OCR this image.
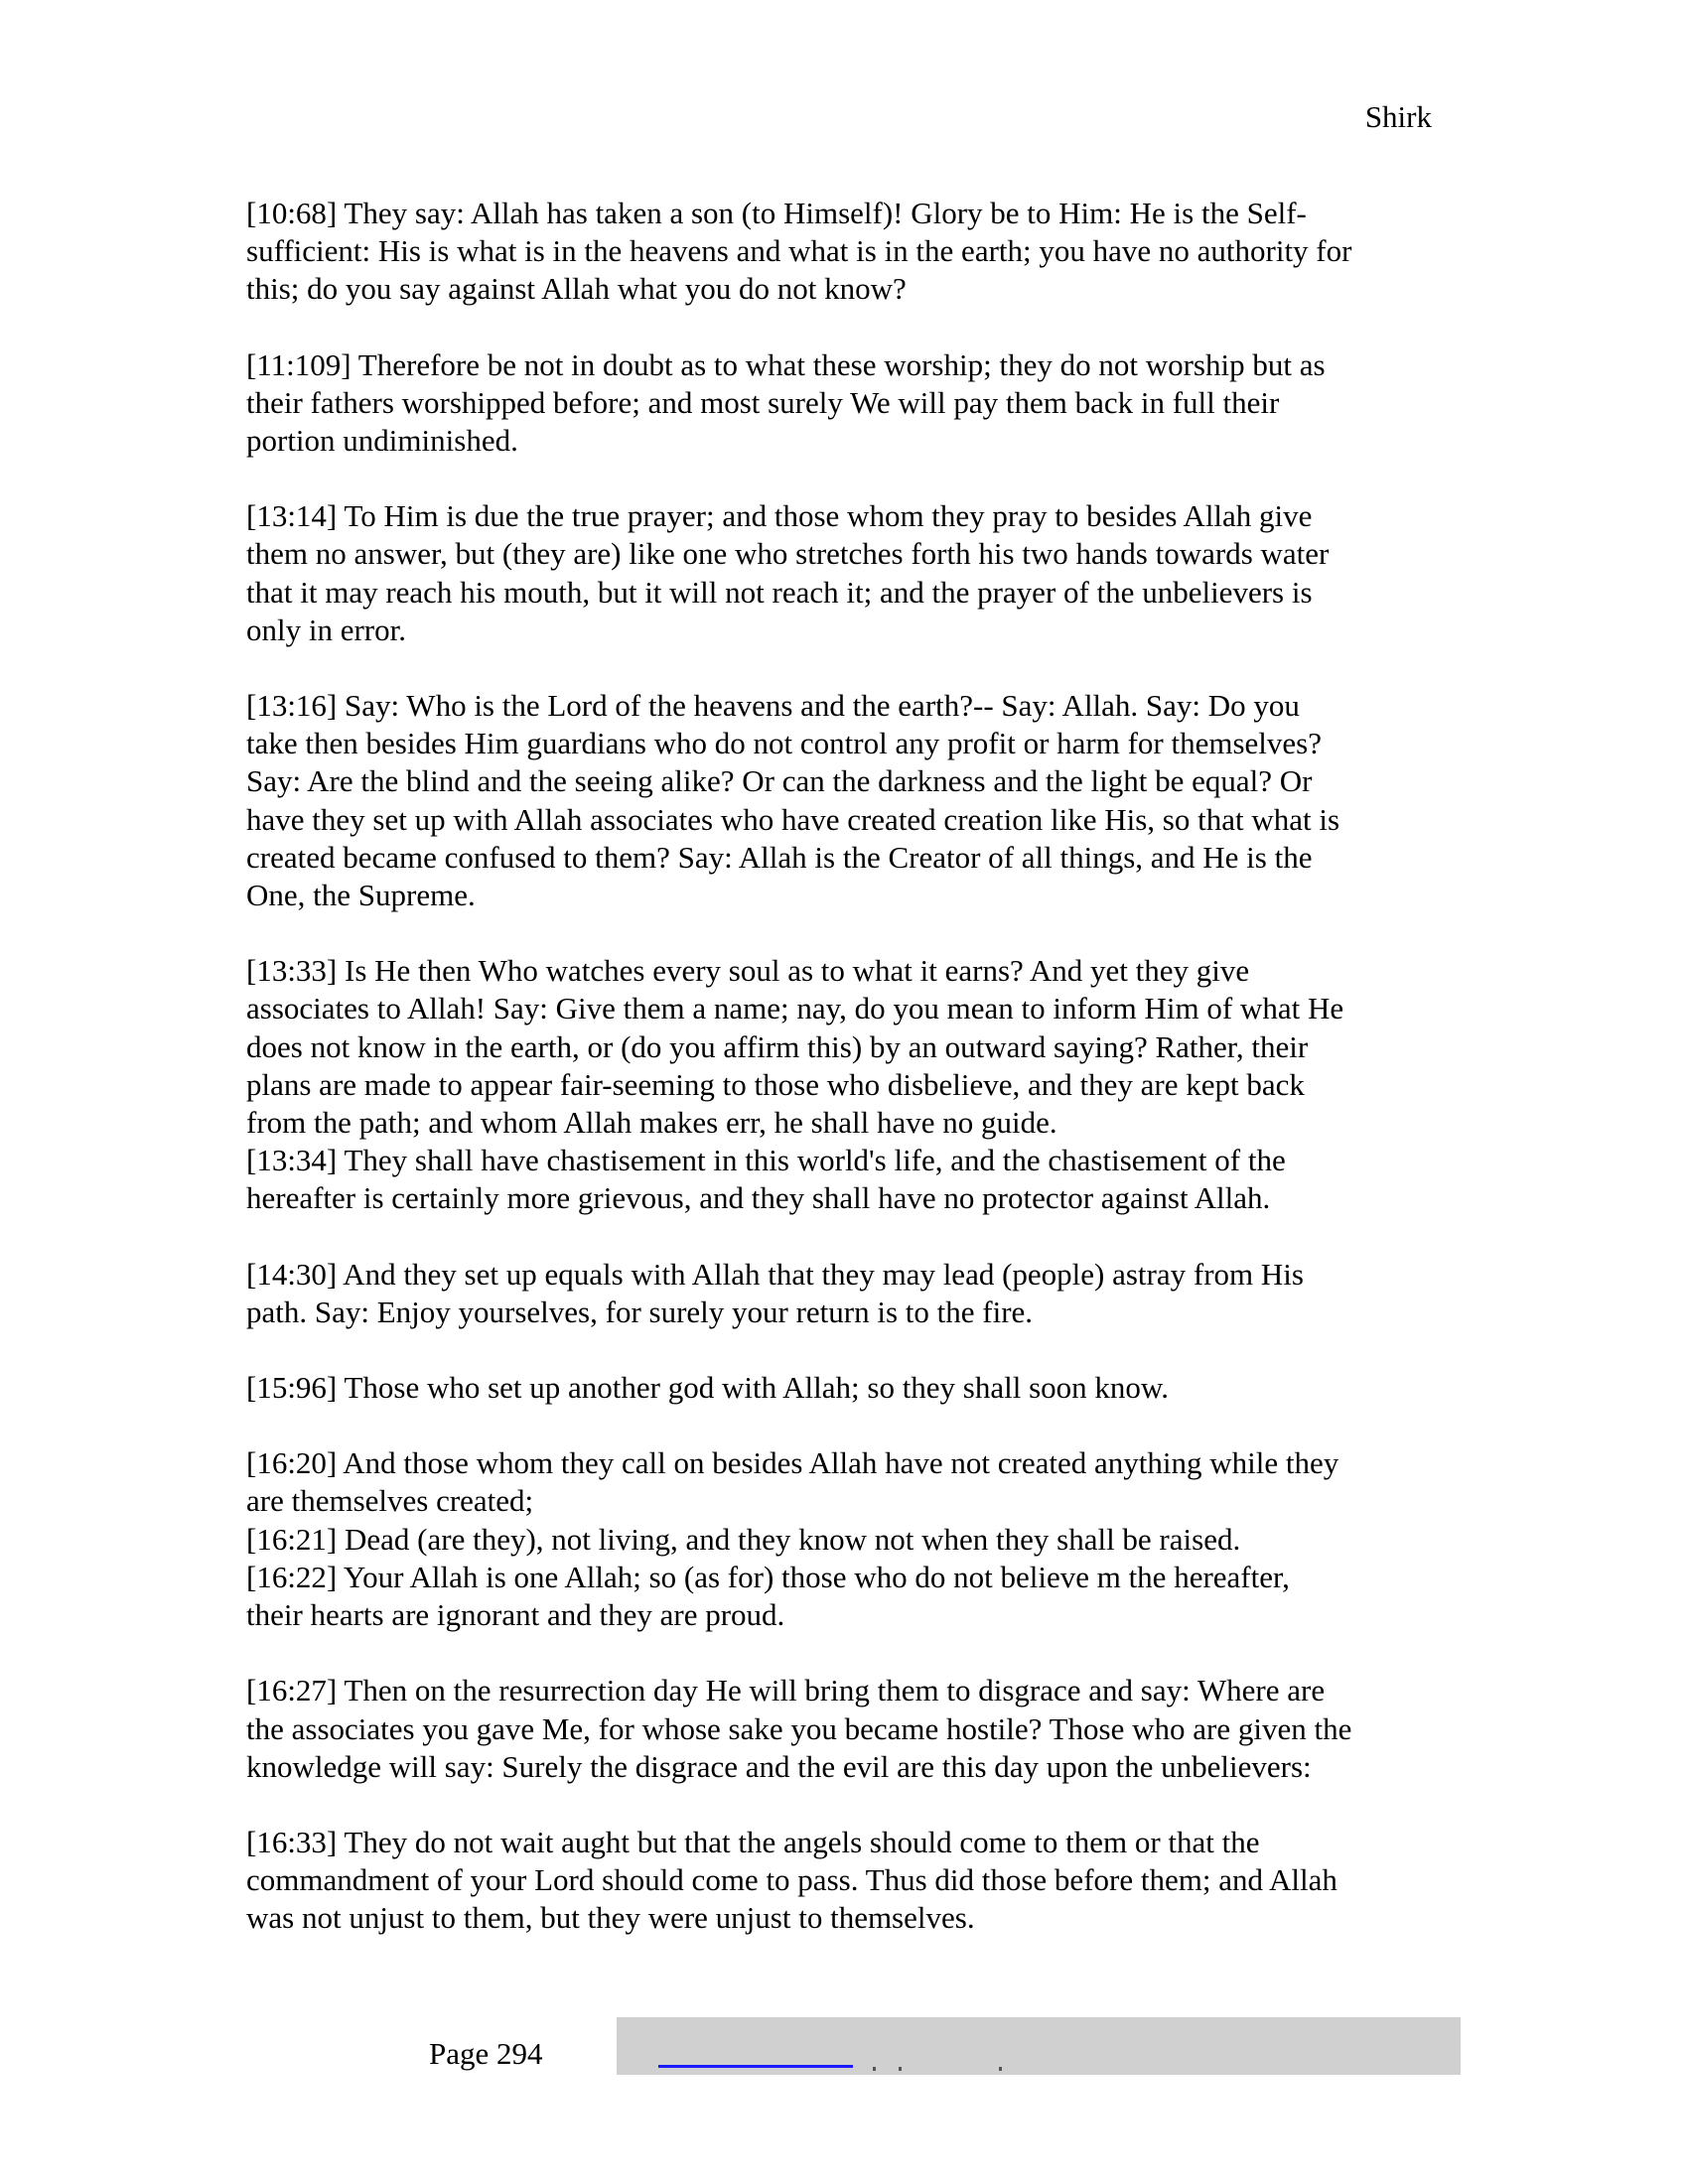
Shirk
[10:68] They say: Allah has taken a son (to Himself)! Glory be to Him: He is the Self-
sufficient: His is what is in the heavens and what is in the earth; you have no authority for
this; do you say against Allah what you do not know?
[11:109] Therefore be not in doubt as to what these worship; they do not worship but as
their fathers worshipped before; and most surely We will pay them back in full their
portion undiminished.
[13:14] To Him is due the true prayer; and those whom they pray to besides Allah give
them no answer, but (they are) like one who stretches forth his two hands towards water
that it may reach his mouth, but it will not reach it; and the prayer of the unbelievers is
only in error.
[13:16] Say: Who is the Lord of the heavens and the earth?-- Say: Allah. Say: Do you
take then besides Him guardians who do not control any profit or harm for themselves?
Say: Are the blind and the seeing alike? Or can the darkness and the light be equal? Or
have they set up with Allah associates who have created creation like His, so that what is
created became confused to them? Say: Allah is the Creator of all things, and He is the
One, the Supreme.
[13:33] Is He then Who watches every soul as to what it earns? And yet they give
associates to Allah! Say: Give them a name; nay, do you mean to inform Him of what He
does not know in the earth, or (do you affirm this) by an outward saying? Rather, their
plans are made to appear fair-seeming to those who disbelieve, and they are kept back
from the path; and whom Allah makes err, he shall have no guide.
[13:34] They shall have chastisement in this world's life, and the chastisement of the
hereafter is certainly more grievous, and they shall have no protector against Allah.
[14:30] And they set up equals with Allah that they may lead (people) astray from His
path. Say: Enjoy yourselves, for surely your return is to the fire.
[15:96] Those who set up another god with Allah; so they shall soon know.
[16:20] And those whom they call on besides Allah have not created anything while they
are themselves created;
[16:21] Dead (are they), not living, and they know not when they shall be raised.
[16:22] Your Allah is one Allah; so (as for) those who do not believe m the hereafter,
their hearts are ignorant and they are proud.
[16:27] Then on the resurrection day He will bring them to disgrace and say: Where are
the associates you gave Me, for whose sake you became hostile? Those who are given the
knowledge will say: Surely the disgrace and the evil are this day upon the unbelievers:
[16:33] They do not wait aught but that the angels should come to them or that the
commandment of your Lord should come to pass. Thus did those before them; and Allah
was not unjust to them, but they were unjust to themselves.
Page 294
